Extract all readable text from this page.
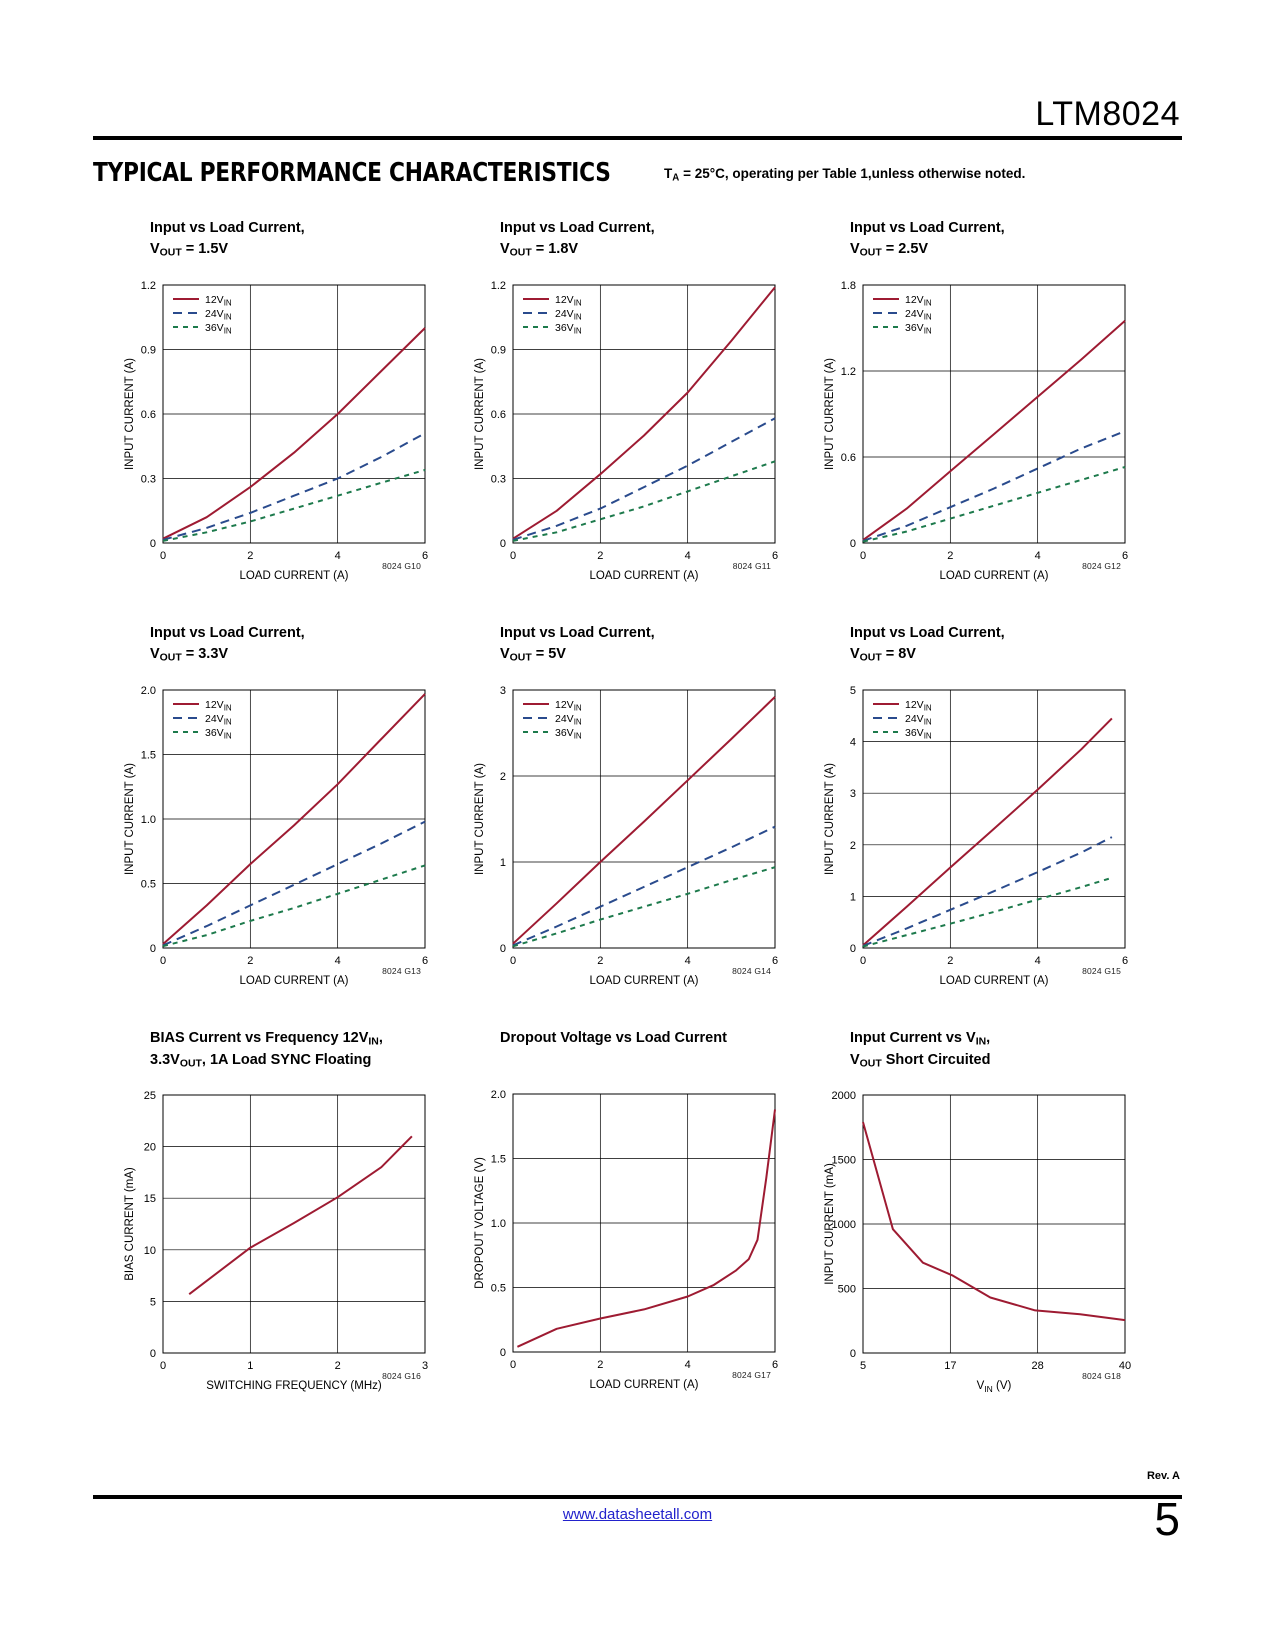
LTM8024
TYPICAL PERFORMANCE CHARACTERISTICS	$T_A = 25^\circ C$, operating per Table 1,unless otherwise noted.
Input vs Load Current,
$V_{OUT} = 1.5V$
0	2	4	6
0
0.3
0.6
0.9
1.2
LOAD CURRENT (A)
INPUT CURRENT (A)
$12V_{IN}$
$24V_{IN}$
$36V_{IN}$
8024 G10
Input vs Load Current,
$V_{OUT} = 1.8V$
0	2	4	6
0
0.3
0.6
0.9
1.2
LOAD CURRENT (A)
INPUT CURRENT (A)
$12V_{IN}$
$24V_{IN}$
$36V_{IN}$
8024 G11
Input vs Load Current,
$V_{OUT} = 2.5V$
0	2	4	6
0
0.6
1.2
1.8
LOAD CURRENT (A)
INPUT CURRENT (A)
$12V_{IN}$
$24V_{IN}$
$36V_{IN}$
8024 G12
Input vs Load Current,
$V_{OUT} = 3.3V$
0	2	4	6
0
0.5
1.0
1.5
2.0
LOAD CURRENT (A)
INPUT CURRENT (A)
$12V_{IN}$
$24V_{IN}$
$36V_{IN}$
8024 G13
Input vs Load Current,
$V_{OUT} = 5V$
0	2	4	6
0
1
2
3
LOAD CURRENT (A)
INPUT CURRENT (A)
$12V_{IN}$
$24V_{IN}$
$36V_{IN}$
8024 G14
Input vs Load Current,
$V_{OUT} = 8V$
0	2	4	6
0
1
2
3
4
5
LOAD CURRENT (A)
INPUT CURRENT (A)
$12V_{IN}$
$24V_{IN}$
$36V_{IN}$
8024 G15
BIAS Current vs Frequency $12V_{IN}$,
$3.3V_{OUT}$, 1A Load SYNC Floating
0	1	2	3
0
5
10
15
20
25
SWITCHING FREQUENCY (MHz)
BIAS CURRENT (mA)
8024 G16
Dropout Voltage vs Load Current
0	2	4	6
0
0.5
1.0
1.5
2.0
LOAD CURRENT (A)
DROPOUT VOLTAGE (V)
8024 G17
Input Current vs $V_{IN}$,
$V_{OUT}$ Short Circuited
5	17	28	40
0
500
1000
1500
2000
$V_{IN}$ (V)
INPUT CURRENT (mA)
8024 G18
Rev. A
www.datasheetall.com	5
